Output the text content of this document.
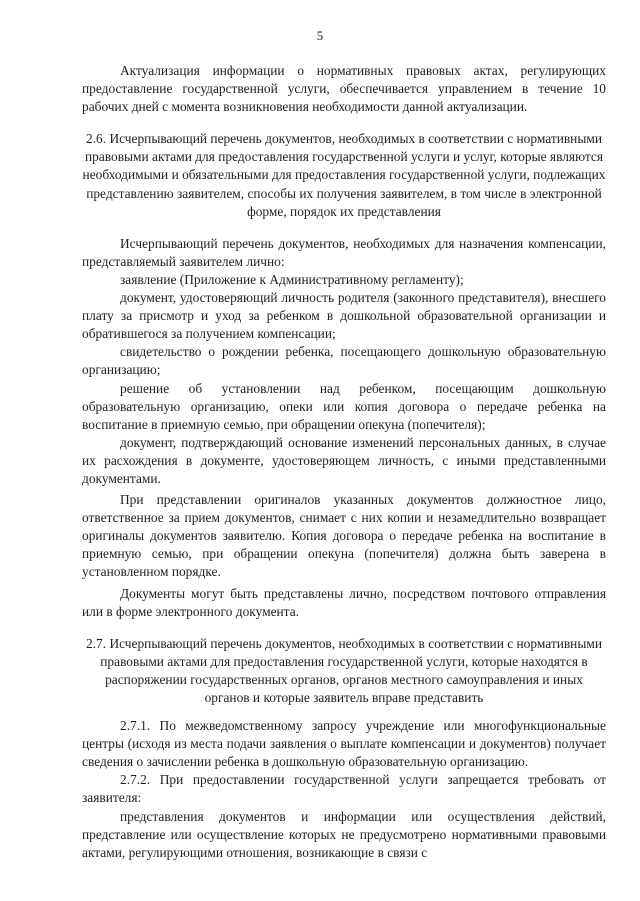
5

Актуализация информации о нормативных правовых актах, регулирующих предоставление государственной услуги, обеспечивается управлением в течение 10 рабочих дней с момента возникновения необходимости данной актуализации.

2.6. Исчерпывающий перечень документов, необходимых в соответствии с нормативными правовыми актами для предоставления государственной услуги и услуг, которые являются необходимыми и обязательными для предоставления государственной услуги, подлежащих представлению заявителем, способы их получения заявителем, в том числе в электронной форме, порядок их представления

Исчерпывающий перечень документов, необходимых для назначения компенсации, представляемый заявителем лично:

заявление (Приложение к Административному регламенту);

документ, удостоверяющий личность родителя (законного представителя), внесшего плату за присмотр и уход за ребенком в дошкольной образовательной организации и обратившегося за получением компенсации;

свидетельство о рождении ребенка, посещающего дошкольную образовательную организацию;

решение об установлении над ребенком, посещающим дошкольную образовательную организацию, опеки или копия договора о передаче ребенка на воспитание в приемную семью, при обращении опекуна (попечителя);

документ, подтверждающий основание изменений персональных данных, в случае их расхождения в документе, удостоверяющем личность, с иными представленными документами.

При представлении оригиналов указанных документов должностное лицо, ответственное за прием документов, снимает с них копии и незамедлительно возвращает оригиналы документов заявителю. Копия договора о передаче ребенка на воспитание в приемную семью, при обращении опекуна (попечителя) должна быть заверена в установленном порядке.

Документы могут быть представлены лично, посредством почтового отправления или в форме электронного документа.

2.7. Исчерпывающий перечень документов, необходимых в соответствии с нормативными правовыми актами для предоставления государственной услуги, которые находятся в распоряжении государственных органов, органов местного самоуправления и иных органов и которые заявитель вправе представить

2.7.1. По межведомственному запросу учреждение или многофункциональные центры (исходя из места подачи заявления о выплате компенсации и документов) получает сведения о зачислении ребенка в дошкольную образовательную организацию.

2.7.2. При предоставлении государственной услуги запрещается требовать от заявителя:

представления документов и информации или осуществления действий, представление или осуществление которых не предусмотрено нормативными правовыми актами, регулирующими отношения, возникающие в связи с
